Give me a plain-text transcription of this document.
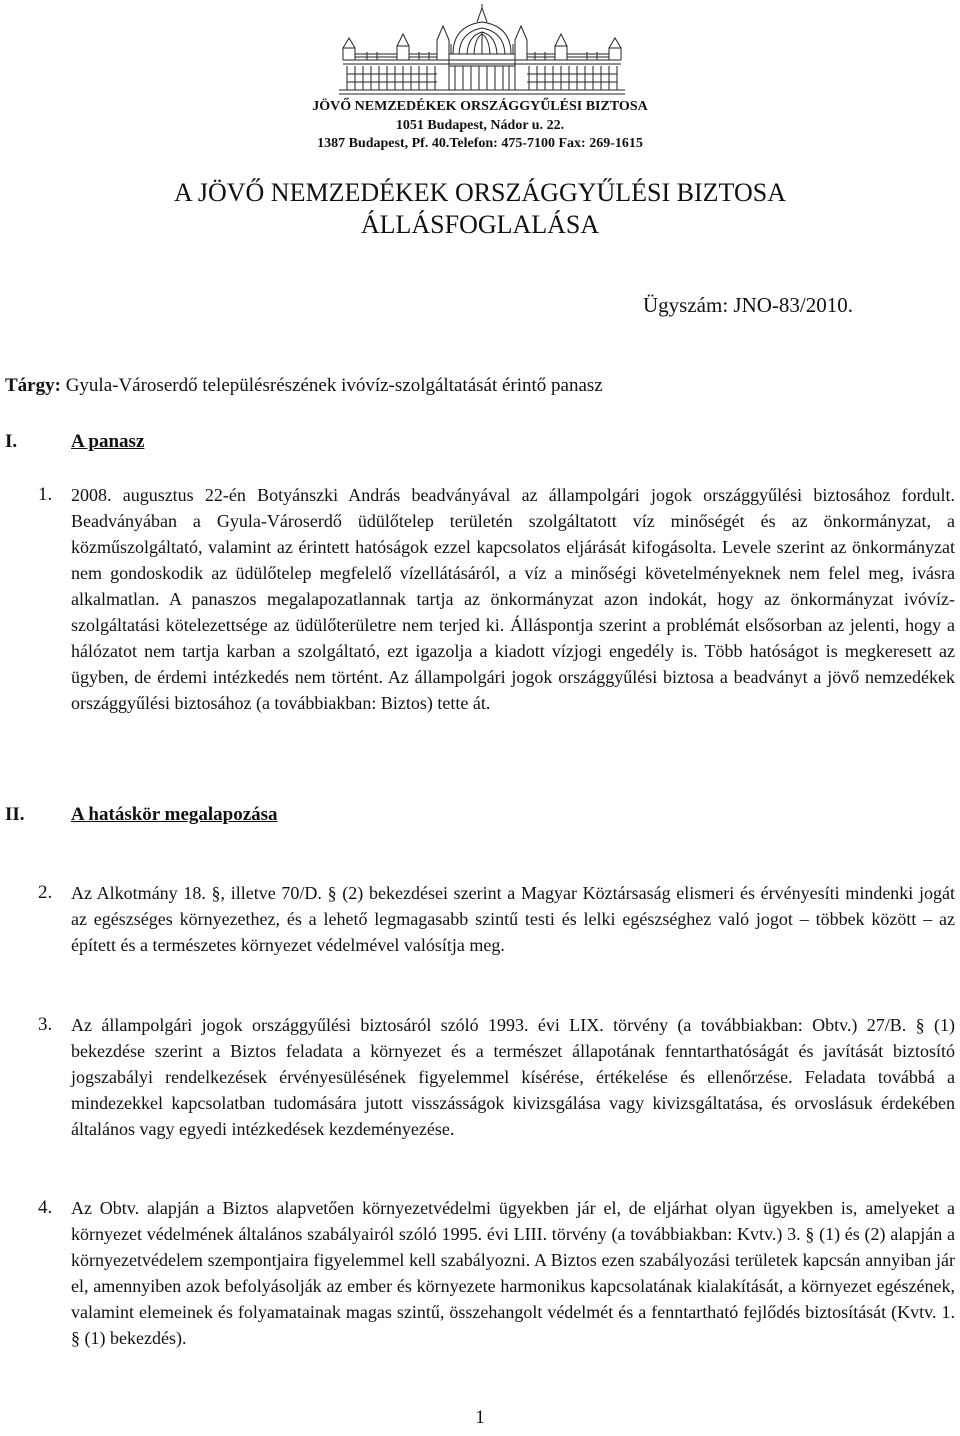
JÖVŐ NEMZEDÉKEK ORSZÁGGYŰLÉSI BIZTOSA
1051 Budapest, Nádor u. 22.
1387 Budapest, Pf. 40.Telefon: 475-7100 Fax: 269-1615
A JÖVŐ NEMZEDÉKEK ORSZÁGGYŰLÉSI BIZTOSA
ÁLLÁSFOGLALÁSA
Ügyszám: JNO-83/2010.
Tárgy: Gyula-Városerdő településrészének ivóvíz-szolgáltatását érintő panasz
I.	A panasz
1. 2008. augusztus 22-én Botyánszki András beadványával az állampolgári jogok országgyűlési biztosához fordult. Beadványában a Gyula-Városerdő üdülőtelep területén szolgáltatott víz minőségét és az önkormányzat, a közműszolgáltató, valamint az érintett hatóságok ezzel kapcsolatos eljárását kifogásolta. Levele szerint az önkormányzat nem gondoskodik az üdülőtelep megfelelő vízellátásáról, a víz a minőségi követelményeknek nem felel meg, ivásra alkalmatlan. A panaszos megalapozatlannak tartja az önkormányzat azon indokát, hogy az önkormányzat ivóvíz-szolgáltatási kötelezettsége az üdülőterületre nem terjed ki. Álláspontja szerint a problémát elsősorban az jelenti, hogy a hálózatot nem tartja karban a szolgáltató, ezt igazolja a kiadott vízjogi engedély is. Több hatóságot is megkeresett az ügyben, de érdemi intézkedés nem történt. Az állampolgári jogok országgyűlési biztosa a beadványt a jövő nemzedékek országgyűlési biztosához (a továbbiakban: Biztos) tette át.

II. A hatáskör megalapozása
2. Az Alkotmány 18. §, illetve 70/D. § (2) bekezdései szerint a Magyar Köztársaság elismeri és érvényesíti mindenki jogát az egészséges környezethez, és a lehető legmagasabb szintű testi és lelki egészséghez való jogot – többek között – az épített és a természetes környezet védelmével valósítja meg.

3. Az állampolgári jogok országgyűlési biztosáról szóló 1993. évi LIX. törvény (a továbbiakban: Obtv.) 27/B. § (1) bekezdése szerint a Biztos feladata a környezet és a természet állapotának fenntarthatóságát és javítását biztosító jogszabályi rendelkezések érvényesülésének figyelemmel kísérése, értékelése és ellenőrzése. Feladata továbbá a mindezekkel kapcsolatban tudomására jutott visszásságok kivizsgálása vagy kivizsgáltatása, és orvoslásuk érdekében általános vagy egyedi intézkedések kezdeményezése.

4. Az Obtv. alapján a Biztos alapvetően környezetvédelmi ügyekben jár el, de eljárhat olyan ügyekben is, amelyeket a környezet védelmének általános szabályairól szóló 1995. évi LIII. törvény (a továbbiakban: Kvtv.) 3. § (1) és (2) alapján a környezetvédelem szempontjaira figyelemmel kell szabályozni. A Biztos ezen szabályozási területek kapcsán annyiban jár el, amennyiben azok befolyásolják az ember és környezete harmonikus kapcsolatának kialakítását, a környezet egészének, valamint elemeinek és folyamatainak magas szintű, összehangolt védelmét és a fenntartható fejlődés biztosítását (Kvtv. 1. § (1) bekezdés).

1
